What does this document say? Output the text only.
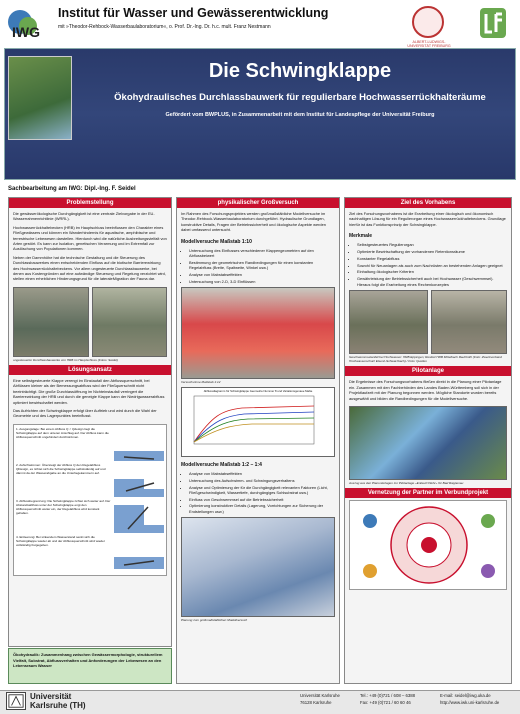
IWG
Institut für Wasser und Gewässerentwicklung
mit »Theodor-Rehbock-Wasserbaulaboratorium«, o. Prof. Dr.-Ing. Dr. h.c. mult. Franz Nestmann
ALBERT-LUDWIGS-UNIVERSITÄT FREIBURG
Die Schwingklappe
Ökohydraulisches Durchlassbauwerk für regulierbare Hochwasserrückhalteräume
Gefördert vom BWPLUS, in Zusammenarbeit mit dem Institut für Landespflege der Universität Freiburg
Sachbearbeitung am IWG: Dipl.-Ing. F. Seidel
Problemstellung
Die gewässerökologische Durchgängigkeit ist eine zentrale Zielvorgabe in der EU-Wasserrahmenrichtlinie (WRRL).
Hochwasserrückhaltebecken (HRB) im Hauptschluss beeinflussen den Charakter eines Fließgewässers und können ein Wanderhindernis für aquatische, amphibische und terrestrische Lebewesen darstellen. Hierdurch wird die natürliche Ausbreitungsvielfalt von Arten gestört. Es kann zur Isolation, genetischen Verarmung und im Extremfall zur Auslöschung von Populationen kommen.
Neben der Dammhöhe hat die technische Gestaltung und die Steuerung des Durchlassbauwerkes einen entscheidenden Einfluss auf die biotische Barrierewirkung des Hochwasserrückhaltebeckens. Vor allem ungesteuerte Durchlassbauwerke, bei denen aus Kostengründen auf eine aufwändige Steuerung und Regelung verzichtet wird, stellen einen erheblichen Hinderungsgrund für die lateraleMigration der Fauna dar.
ungesteuerter Durchlassbauwerke von HRB im Hauptschluss (Fotos: Seidel)
Lösungsansatz
Eine selbstgesteuerte Klappe verengt im Einstaufall den Abflussquerschnitt, bei Abflüssen kleiner als der Bemessungsabfluss wird der Fließquerschnitt nicht beeinträchtigt. Die große Durchlassöffnung im Nichteinstaufall verringert die Barrierewirkung der HRB und durch die geneigte Klappe kann der Niedrigwasserabfluss optimiert bewirtschaftet werden.
Das Aufrichten der Schwingklappe erfolgt über Auftrieb und wird durch die Wahl der Geometrie und des Lagerpunktes beeinflusst.
1. Ausgangslage: Bei einem Abfluss Q < Qdesign liegt die Schwingklappe auf dem unteren Anschlag auf. Der Abfluss kann die Abflussquerschnitt ungehindert durchströmen.
2. Aufschwimmen: Übersteigt der Abfluss Q den Regelabfluss QDesign, es richtet sich die Schwingklappe selbstständig auf und dämmt da der Wasserabgabe an die Unterliegekammern auf.
3. Abflussbegrenzung: Die Schwingklappe richtet sich weiter auf. Der Abstandsabfluss unter der Schwingklappe engt den Abflussquerschnitt weiter ein, der Regelabfluss wird konstant gehalten.
4. Entleerung: Bei sinkendem Wasserstand senkt sich die Schwingklappe wieder ab und der Abflussquerschnitt wird wieder vollständig freigegeben.
Ökohydraulik: Zusammenhang zwischen Gewässermorphologie, strukturellem Vielfalt, Substrat, Abflussverhalten und Anforderungen der Lebewesen an den Lebensraum Wasser
physikalischer Großversuch
Im Rahmen des Forschungsprojektes werden großmaßstäbliche Modellversuche im Theodor-Rehbock-Wasserbaulaboratorium durchgeführt. Hydraulische Grundlagen, konstruktive Details, Fragen der Betriebssicherheit und ökologische Aspekte werden dabei umfassend untersucht.
Modellversuche Maßstab 1:10
• Untersuchung des Einflusses verschiedener Klappengeometrien auf den Abflussbeiwert
• Bestimmung der geometrischen Randbedingungen für einen konstanten Regelabfluss (Breite, Spaltweite, Winkel usw.)
• Analyse von Mabstabseffekten
• Untersuchung von 2-D, 3-D Einflüssen
Versuchsrinne Maßstab 1:12
Abflussdiagramm für Schwingklappe Geometrie Nummer 8 und Variationsgenaue Maße
Modellversuche Maßstab 1:2 – 1:4
• Analyse von Mabstabseffekten
• Untersuchung des Aufschwimm- und Schwingungsverhaltens
• Analyse und Optimierung der für die Durchgängigkeit relevanten Faktoren (Licht, Fließgeschwindigkeit, Wassertiefe, durchgängiges Sohlsubstrat usw.)
• Einfluss von Geschwemmsel auf die Betriebssicherheit
• Optimierung konstruktiver Details (Lagerung, Vorrichtungen zur Sicherung der Endstellungen usw.)
Planung zum großmaßstäblichen Modellversuch
Ziel des Vorhabens
Ziel des Forschungsvorhabens ist die Erarbeitung einer ökologisch und ökonomisch nachhaltigen Lösung für ein Regulierorgan eines Hochwasserrückhaltebeckens. Grundlage hierfür ist das Funktionsprinzip der Schwingklappe.
Merkmale
• Selbstgesteuertes Regulierorgan
• Optimierte Bewirtschaftung der vorhandenen Retentionsräume
• Konstanter Regelabfluss
• Sowohl für Neuanlagen als auch zum Nachrüsten an bestehenden Anlagen geeignet
• Einhaltung ökologischer Kriterien
• Gewährleistung der Betriebssicherheit auch bei Hochwasser (Geschwemmsel). Hieraus folgt die Erarbeitung eines Rechenkonzeptes
Geschwemmselanfall bei Hochwasser: HRB Eppingen; Restteil HRB Mittelbach Rauhbühl (Foto: Zweckverband Hochwasserschutz Elsenz-Schwarzbach) / Foto: Quellen
Pilotanlage
Die Ergebnisse des Forschungsvorhabens fließen direkt in die Planung einer Pilotanlage ein. Zusammen mit den Fachbehörden des Landes Baden-Württemberg soll sich in der Projektlaufzeit mit der Planung begonnen werden. Mögliche Standorte wurden bereits ausgewählt und bilden die Randbedingungen für die Modellversuche.
Auszug aus den Planunterlagen zur Pilotanlage »Entwurf-Wehr« für Bad Rappenau
Vernetzung der Partner im Verbundprojekt
Universität
Karlsruhe (TH)
Universität Karlsruhe
76128 Karlsruhe
Tel.: +49 (0)721 / 608 – 6388
Fax: +49 (0)721 / 60 60 46
E-mail: seidel@iwg.uka.de
http://www.iwk.uni-karlsruhe.de
